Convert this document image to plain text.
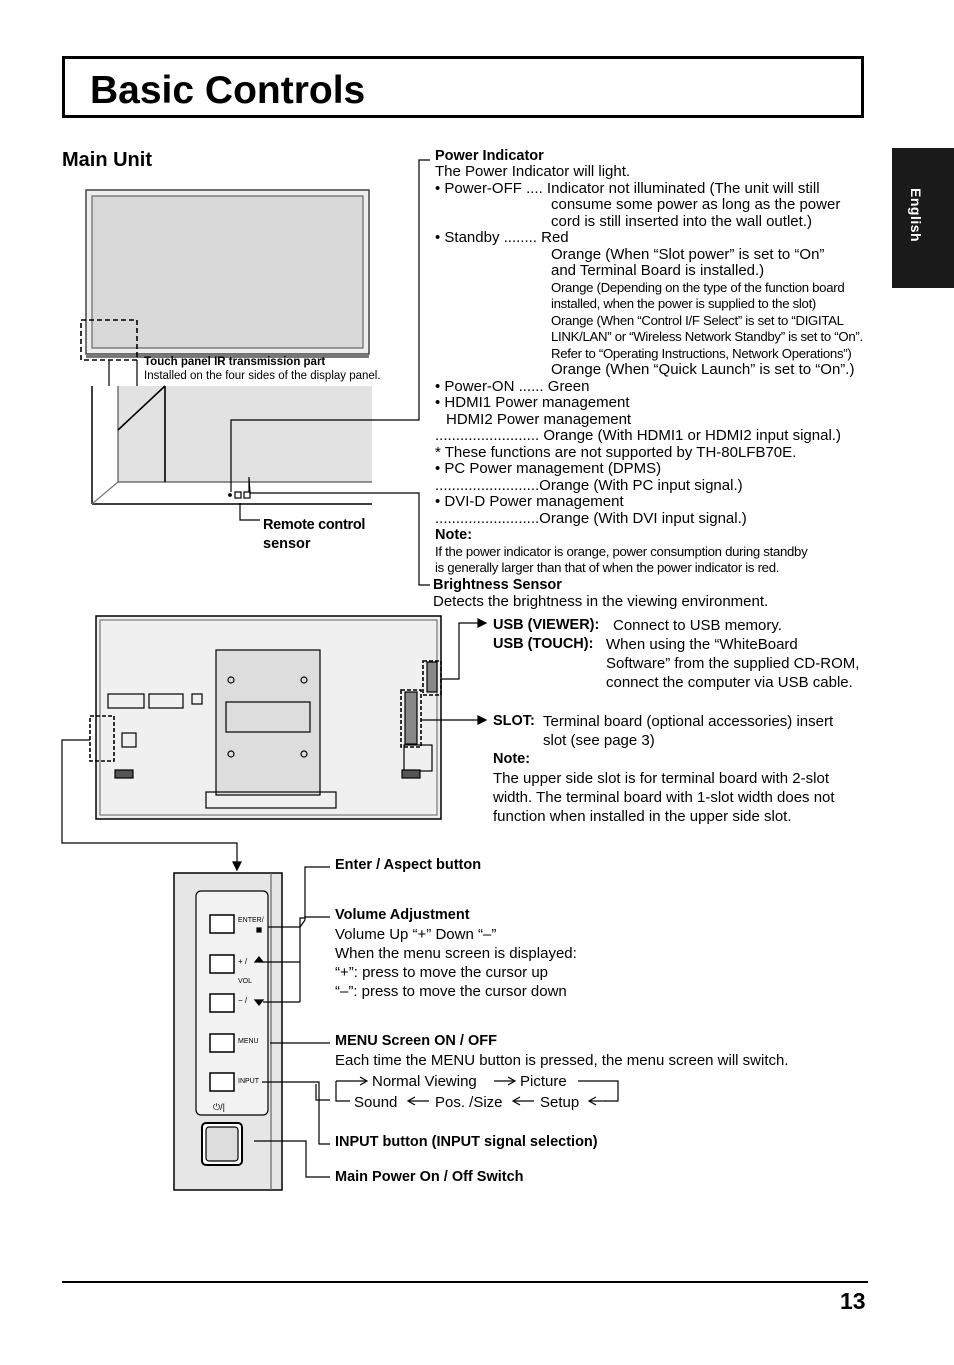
Basic Controls
English
Main Unit
Touch panel IR transmission part
Installed on the four sides of the display panel.
Remote control
sensor
Power Indicator
The Power Indicator will light.
• Power-OFF .... Indicator not illuminated (The unit will still
consume some power as long as the power
cord is still inserted into the wall outlet.)
• Standby ........ Red
Orange (When “Slot power” is set to “On”
and Terminal Board is installed.)
Orange (Depending on the type of the function board
installed, when the power is supplied to the slot)
Orange (When “Control I/F Select” is set to “DIGITAL
LINK/LAN” or “Wireless Network Standby” is set to “On”.
Refer to “Operating Instructions, Network Operations”)
Orange (When “Quick Launch” is set to “On”.)
• Power-ON ...... Green
• HDMI1 Power management
HDMI2 Power management
......................... Orange (With HDMI1 or HDMI2 input signal.)
* These functions are not supported by TH-80LFB70E.
• PC Power management (DPMS)
.........................Orange (With PC input signal.)
• DVI-D Power management
.........................Orange (With DVI input signal.)
Note:
If the power indicator is orange, power consumption during standby
is generally larger than that of when the power indicator is red.
Brightness Sensor
Detects the brightness in the viewing environment.
USB (VIEWER): Connect to USB memory.
USB (TOUCH): When using the “WhiteBoard
Software” from the supplied CD-ROM,
connect the computer via USB cable.
SLOT: Terminal board (optional accessories) insert
slot (see page 3)
Note:
The upper side slot is for terminal board with 2-slot
width. The terminal board with 1-slot width does not
function when installed in the upper side slot.
ENTER/
+ /
VOL
− /
MENU
INPUT
⏻/|
Enter / Aspect button
Volume Adjustment
Volume Up “+” Down “–”
When the menu screen is displayed:
“+”: press to move the cursor up
“–”: press to move the cursor down
MENU Screen ON / OFF
Each time the MENU button is pressed, the menu screen will switch.
Normal Viewing	Picture
Setup
Pos. /Size
Sound
INPUT button (INPUT signal selection)
Main Power On / Off Switch
13
